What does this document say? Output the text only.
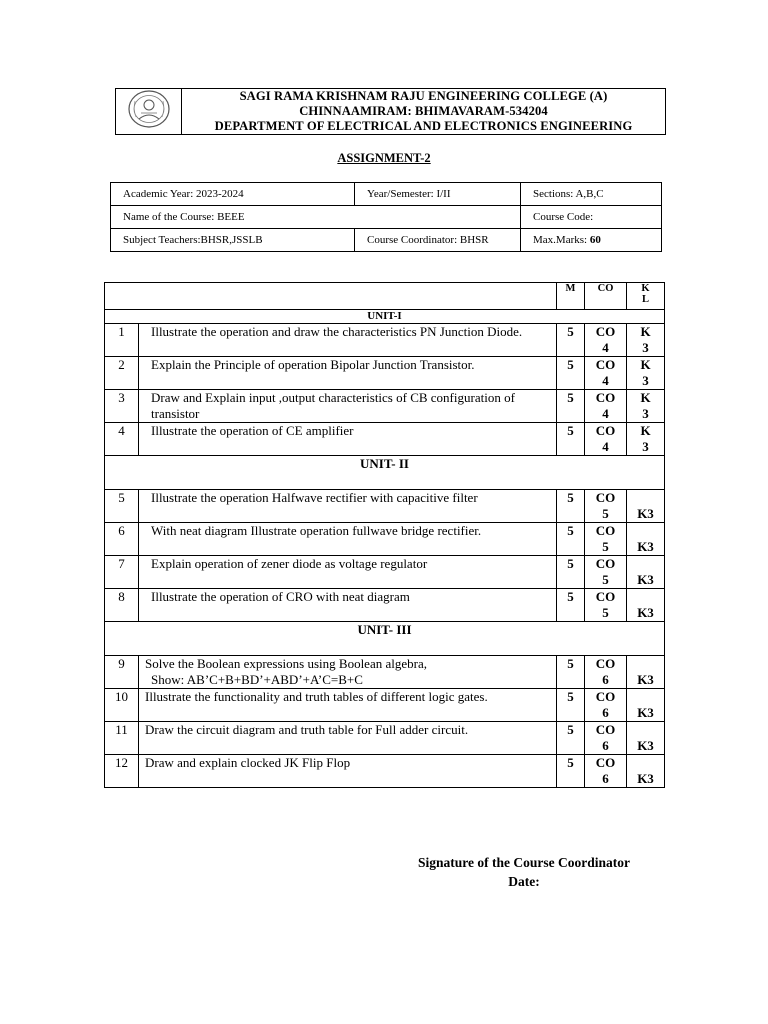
SAGI RAMA KRISHNAM RAJU ENGINEERING COLLEGE (A)
CHINNAAMIRAM: BHIMAVARAM-534204
DEPARTMENT OF ELECTRICAL AND ELECTRONICS ENGINEERING
ASSIGNMENT-2
Academic Year: 2023-2024	Year/Semester: I/II	Sections: A,B,C
Name of the Course: BEEE		Course Code:
Subject Teachers:BHSR,JSSLB	Course Coordinator: BHSR	Max.Marks: 60
		M	CO	K L
UNIT-I				
1	Illustrate the operation and draw the characteristics PN Junction Diode.	5	CO 4	K 3
2	Explain the Principle of operation Bipolar Junction Transistor.	5	CO 4	K 3
3	Draw and Explain input ,output characteristics of CB configuration of transistor	5	CO 4	K 3
4	Illustrate the operation of CE amplifier	5	CO 4	K 3
UNIT- II				
5	Illustrate the operation Halfwave rectifier with capacitive filter	5	CO 5	K3
6	With neat diagram Illustrate operation fullwave bridge rectifier.	5	CO 5	K3
7	Explain operation of zener diode as voltage regulator	5	CO 5	K3
8	Illustrate the operation of CRO with neat diagram	5	CO 5	K3
UNIT- III				
9	Solve the Boolean expressions using Boolean algebra,
Show: AB’C+B+BD’+ABD’+A’C=B+C	5	CO 6	K3
10	Illustrate the functionality and truth tables of different logic gates.	5	CO 6	K3
11	Draw the circuit diagram and truth table for Full adder circuit.	5	CO 6	K3
12	Draw and explain clocked JK Flip Flop	5	CO 6	K3
Signature of the Course Coordinator
Date:
